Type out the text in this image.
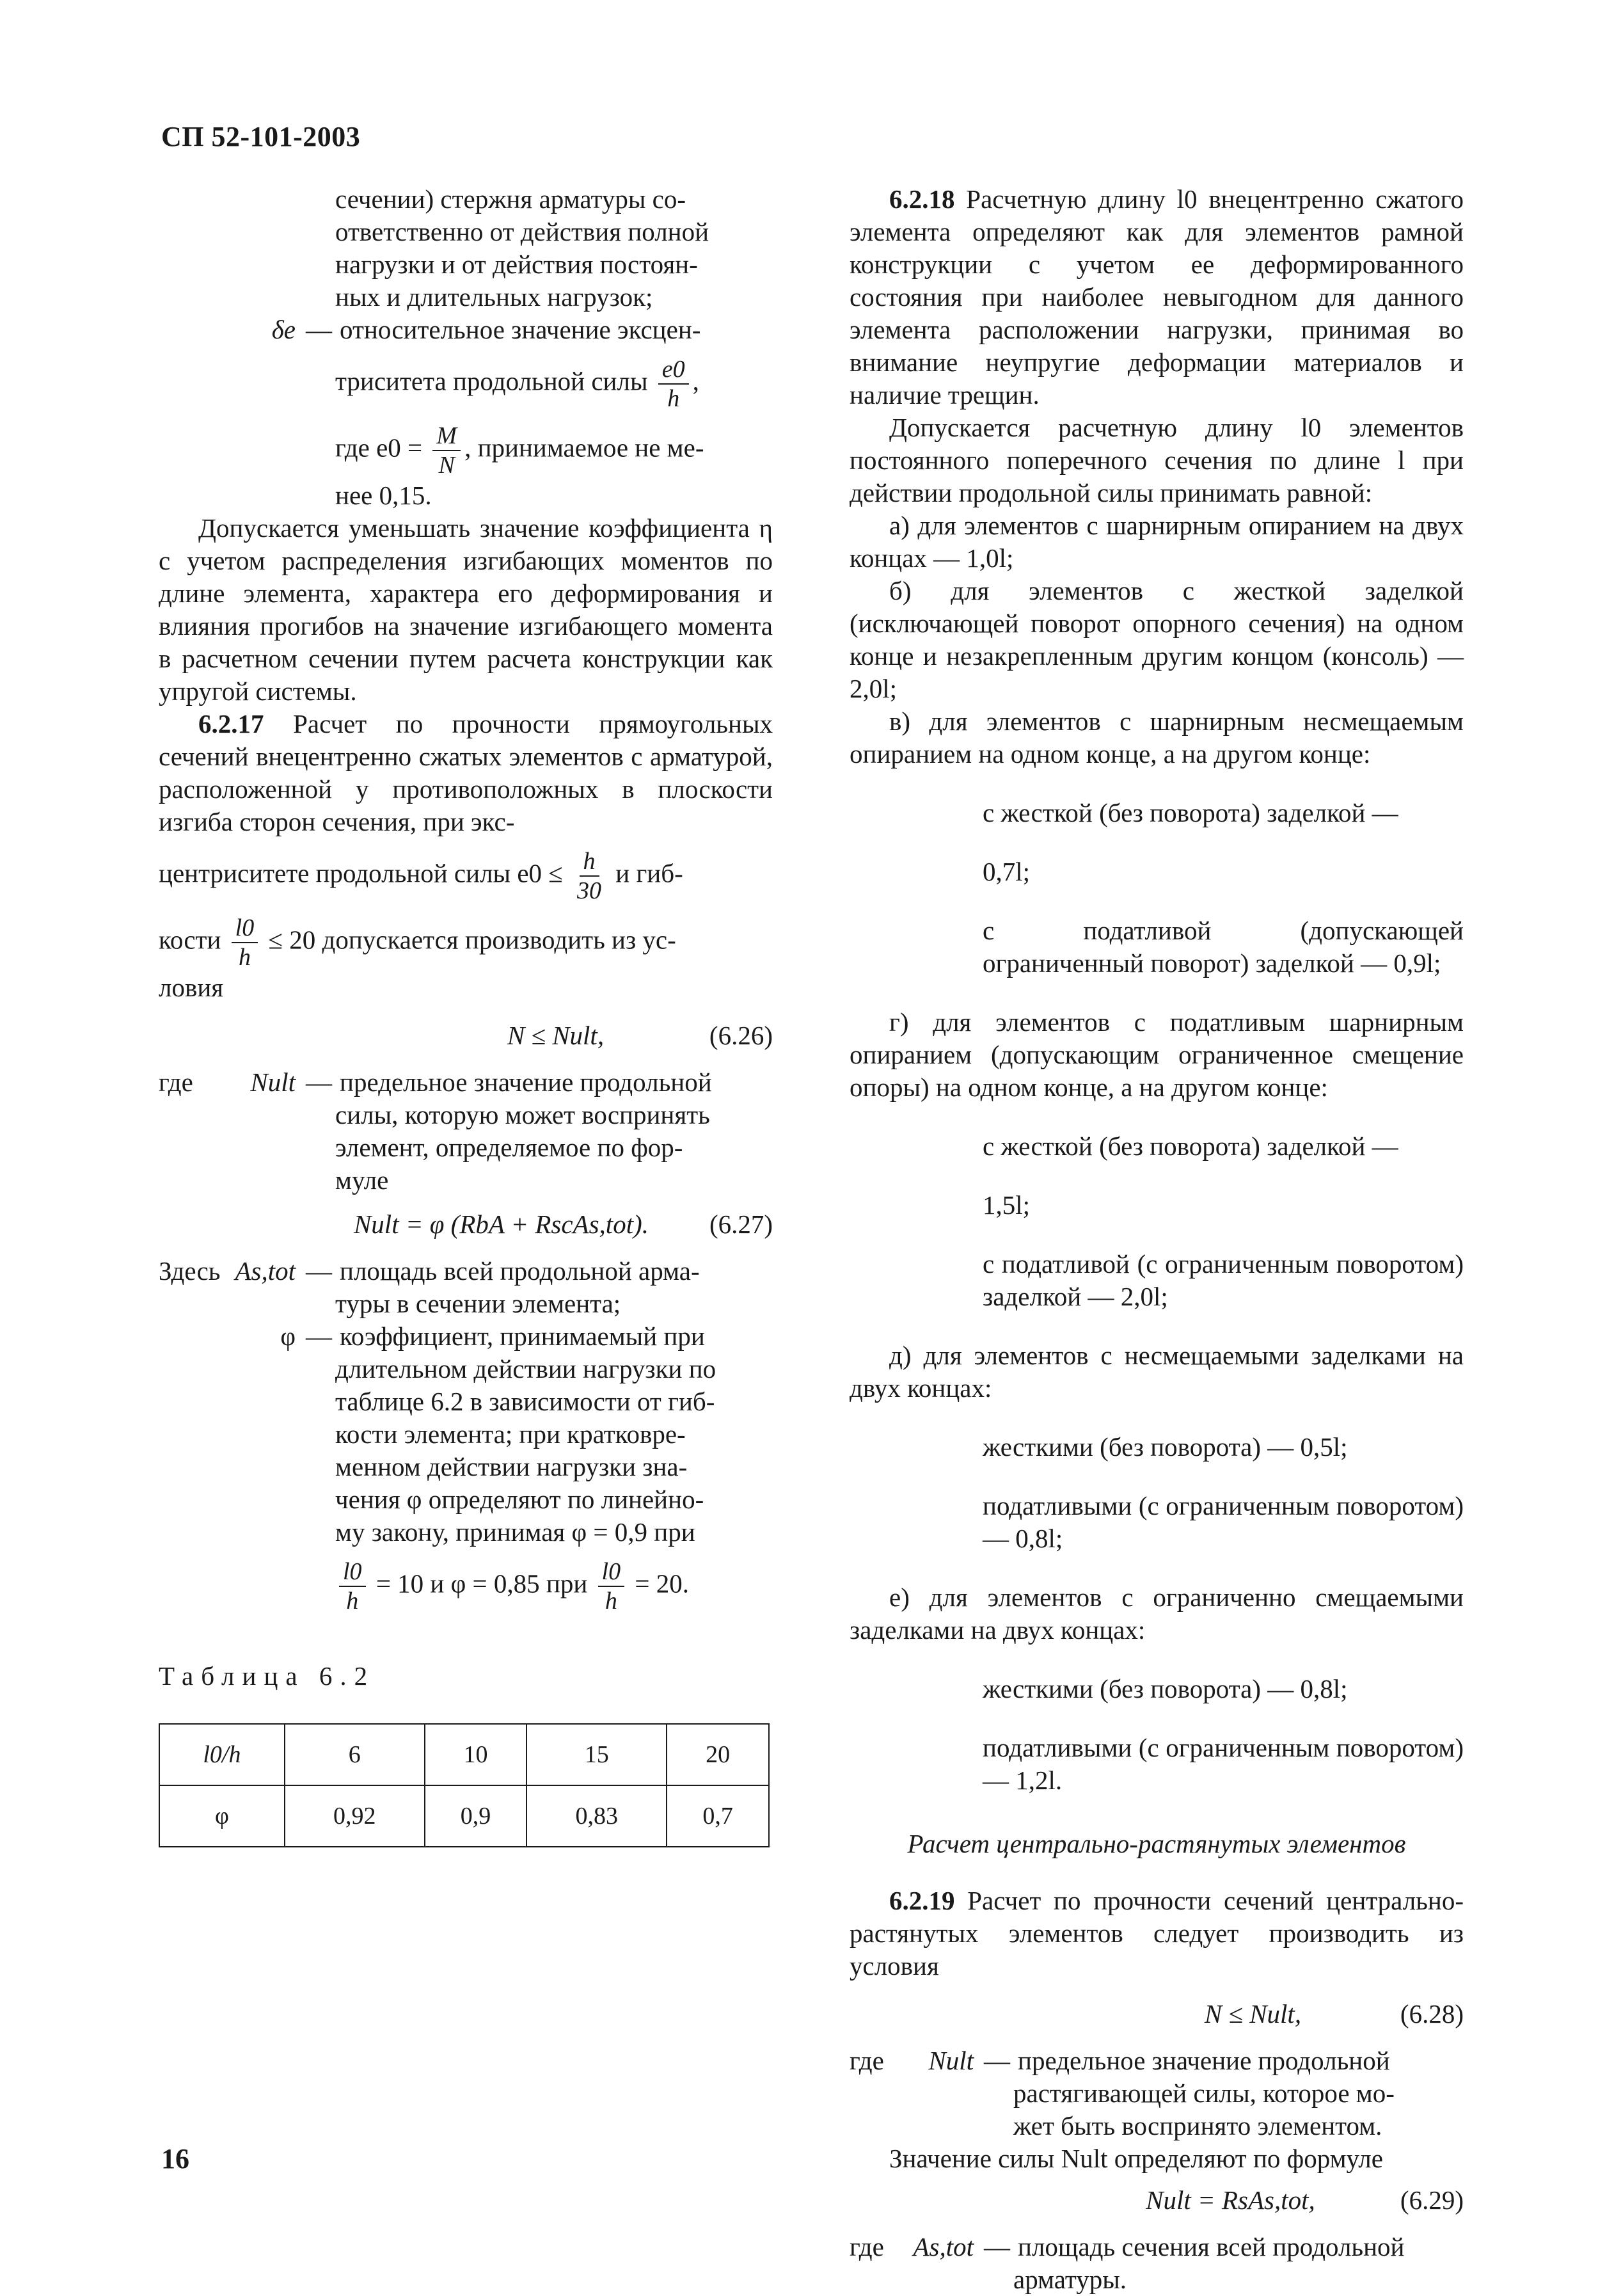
СП 52-101-2003
сечении) стержня арматуры со-
ответственно от действия полной
нагрузки и от действия постоян-
ных и длительных нагрузок;
δe — относительное значение эксцен-
триситета продольной силы $\frac{e0}{h}$ ,
где $e0 = \frac{M}{N}$ , принимаемое не ме-
нее 0,15.

Допускается уменьшать значение коэффициента η с учетом распределения изгибающих моментов по длине элемента, характера его деформирования и влияния прогибов на значение изгибающего момента в расчетном сечении путем расчета конструкции как упругой системы.

6.2.17 Расчет по прочности прямоугольных сечений внецентренно сжатых элементов с арматурой, расположенной у противоположных в плоскости изгиба сторон сечения, при экс-

центриситете продольной силы $e0 \le \frac{h}{30}$ и гиб-
кости $\frac{l0}{h} \le 20$ допускается производить из ус-
ловия
N ≤ Nult,	(6.26)
где	Nult — предельное значение продольной
силы, которую может воспринять
элемент, определяемое по фор-
муле
Nult = φ (RbA + RscAs,tot). (6.27)
Здесь As,tot — площадь всей продольной арма-
туры в сечении элемента;
φ — коэффициент, принимаемый при
длительном действии нагрузки по
таблице 6.2 в зависимости от гиб-
кости элемента; при кратковре-
менном действии нагрузки зна-
чения φ определяют по линейно-
му закону, принимая φ = 0,9 при
$\frac{l0}{h} = 10$ и φ = 0,85 при $\frac{l0}{h} = 20$.
Таблица 6.2
l0/h	6	10	15	20
φ	0,92	0,9	0,83	0,7

6.2.18 Расчетную длину l0 внецентренно сжатого элемента определяют как для элементов рамной конструкции с учетом ее деформированного состояния при наиболее невыгодном для данного элемента расположении нагрузки, принимая во внимание неупругие деформации материалов и наличие трещин.

Допускается расчетную длину l0 элементов постоянного поперечного сечения по длине l при действии продольной силы принимать равной:

а) для элементов с шарнирным опиранием на двух концах — 1,0l;

б) для элементов с жесткой заделкой (исключающей поворот опорного сечения) на одном конце и незакрепленным другим концом (консоль) — 2,0l;

в) для элементов с шарнирным несмещаемым опиранием на одном конце, а на другом конце:

с жесткой (без поворота) заделкой —

0,7l;

с податливой (допускающей ограниченный поворот) заделкой — 0,9l;

г) для элементов с податливым шарнирным опиранием (допускающим ограниченное смещение опоры) на одном конце, а на другом конце:

с жесткой (без поворота) заделкой —

1,5l;

с податливой (с ограниченным поворотом) заделкой — 2,0l;

д) для элементов с несмещаемыми заделками на двух концах:

жесткими (без поворота) — 0,5l;

податливыми (с ограниченным поворотом) — 0,8l;

е) для элементов с ограниченно смещаемыми заделками на двух концах:

жесткими (без поворота) — 0,8l;

податливыми (с ограниченным поворотом) — 1,2l.

Расчет центрально-растянутых элементов

6.2.19 Расчет по прочности сечений центрально-растянутых элементов следует производить из условия

N ≤ Nult,	(6.28)
где	Nult — предельное значение продольной
растягивающей силы, которое мо-
жет быть воспринято элементом.

Значение силы Nult определяют по формуле

Nult = RsAs,tot,	(6.29)
где	As,tot — площадь сечения всей продольной
арматуры.
16
